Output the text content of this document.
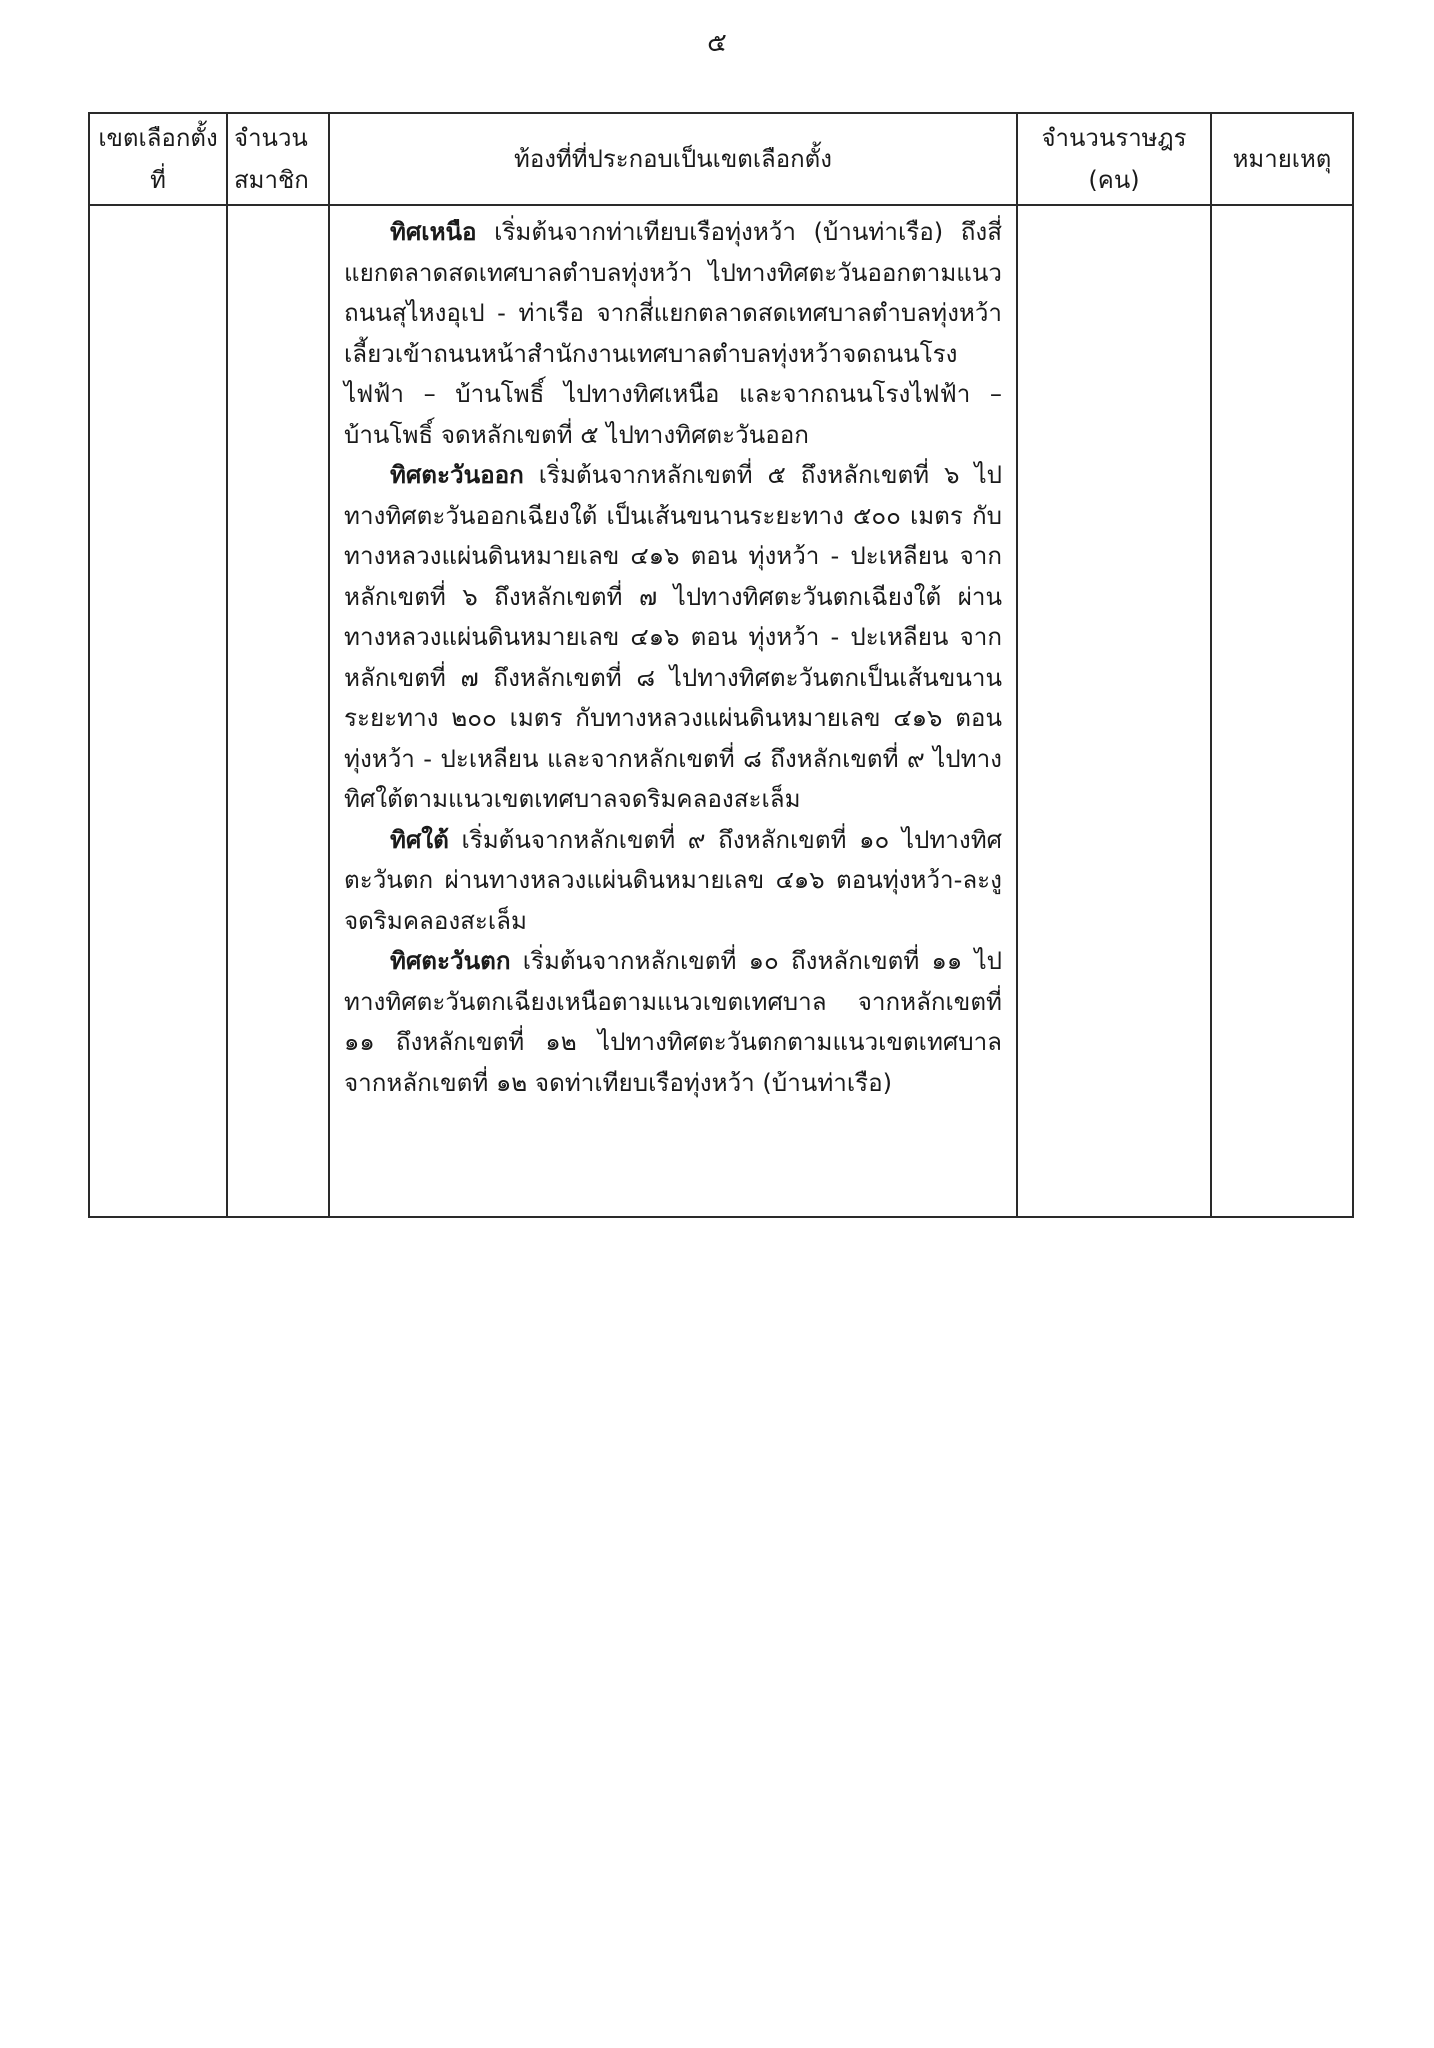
๕
เขตเลือกตั้งที่	จำนวนสมาชิก	ท้องที่ที่ประกอบเป็นเขตเลือกตั้ง	จำนวนราษฎร (คน)	หมายเหตุ

		ทิศเหนือ เริ่มต้นจากท่าเทียบเรือทุ่งหว้า (บ้านท่าเรือ) ถึงสี่แยกตลาดสดเทศบาลตำบลทุ่งหว้า ไปทางทิศตะวันออกตามแนวถนนสุไหงอุเป - ท่าเรือ จากสี่แยกตลาดสดเทศบาลตำบลทุ่งหว้าเลี้ยวเข้าถนนหน้าสำนักงานเทศบาลตำบลทุ่งหว้าจดถนนโรงไฟฟ้า – บ้านโพธิ์ ไปทางทิศเหนือ และจากถนนโรงไฟฟ้า – บ้านโพธิ์ จดหลักเขตที่ ๕ ไปทางทิศตะวันออก

ทิศตะวันออก เริ่มต้นจากหลักเขตที่ ๕ ถึงหลักเขตที่ ๖ ไปทางทิศตะวันออกเฉียงใต้ เป็นเส้นขนานระยะทาง ๕๐๐ เมตร กับทางหลวงแผ่นดินหมายเลข ๔๑๖ ตอน ทุ่งหว้า - ปะเหลียน จากหลักเขตที่ ๖ ถึงหลักเขตที่ ๗ ไปทางทิศตะวันตกเฉียงใต้ ผ่านทางหลวงแผ่นดินหมายเลข ๔๑๖ ตอน ทุ่งหว้า - ปะเหลียน จากหลักเขตที่ ๗ ถึงหลักเขตที่ ๘ ไปทางทิศตะวันตกเป็นเส้นขนานระยะทาง ๒๐๐ เมตร กับทางหลวงแผ่นดินหมายเลข ๔๑๖ ตอน ทุ่งหว้า - ปะเหลียน และจากหลักเขตที่ ๘ ถึงหลักเขตที่ ๙ ไปทางทิศใต้ตามแนวเขตเทศบาลจดริมคลองสะเล็ม

ทิศใต้ เริ่มต้นจากหลักเขตที่ ๙ ถึงหลักเขตที่ ๑๐ ไปทางทิศตะวันตก ผ่านทางหลวงแผ่นดินหมายเลข ๔๑๖ ตอนทุ่งหว้า-ละงู จดริมคลองสะเล็ม

ทิศตะวันตก เริ่มต้นจากหลักเขตที่ ๑๐ ถึงหลักเขตที่ ๑๑ ไปทางทิศตะวันตกเฉียงเหนือตามแนวเขตเทศบาล จากหลักเขตที่ ๑๑ ถึงหลักเขตที่ ๑๒ ไปทางทิศตะวันตกตามแนวเขตเทศบาล จากหลักเขตที่ ๑๒ จดท่าเทียบเรือทุ่งหว้า (บ้านท่าเรือ)		
